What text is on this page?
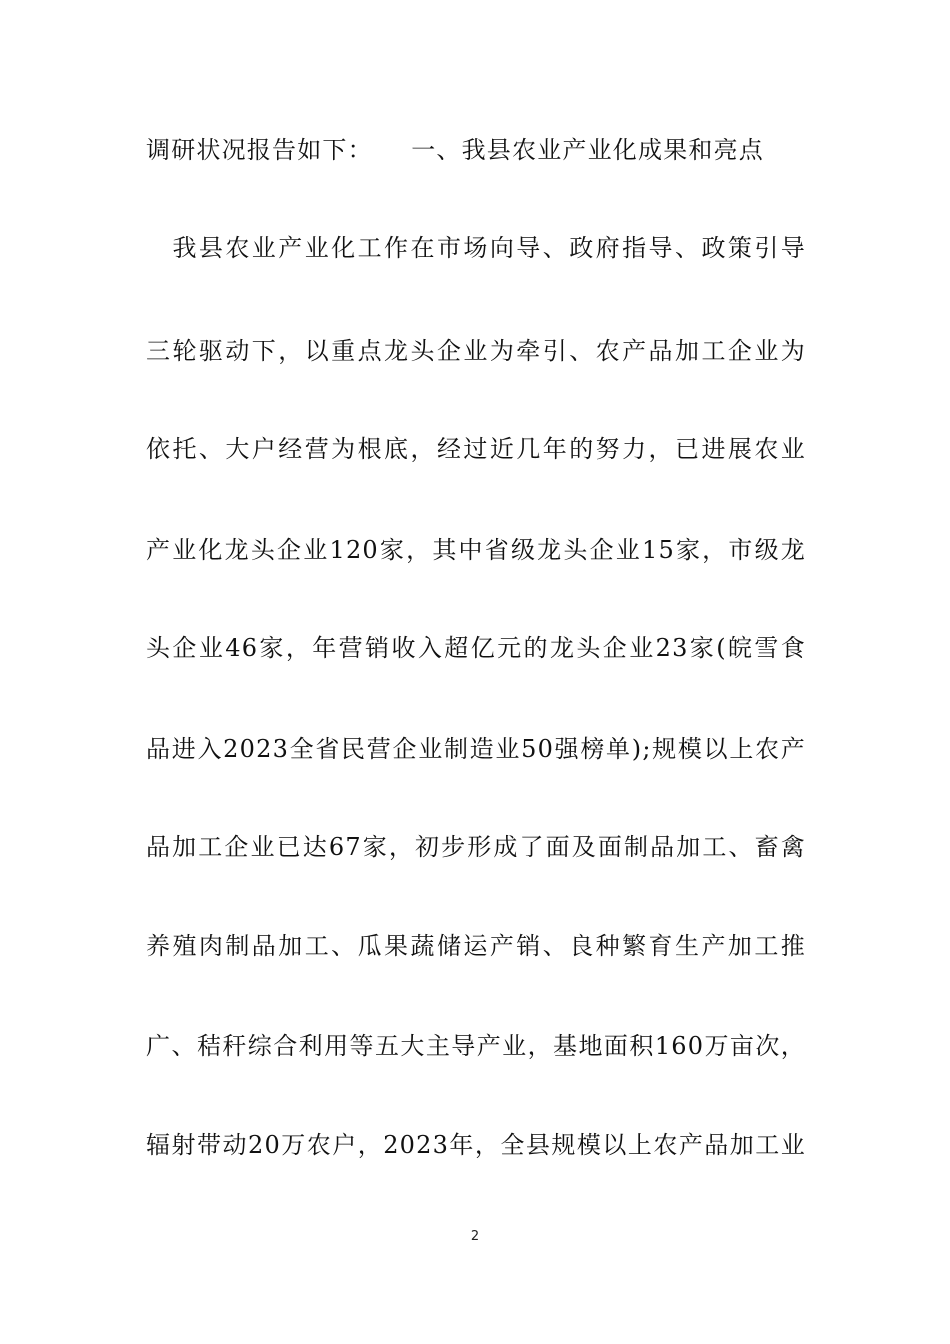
调研状况报告如下：　　一、我县农业产业化成果和亮点
　我县农业产业化工作在市场向导、政府指导、政策引导
三轮驱动下，以重点龙头企业为牵引、农产品加工企业为
依托、大户经营为根底，经过近几年的努力，已进展农业
产业化龙头企业120家，其中省级龙头企业15家，市级龙
头企业46家，年营销收入超亿元的龙头企业23家(皖雪食
品进入2023全省民营企业制造业50强榜单);规模以上农产
品加工企业已达67家，初步形成了面及面制品加工、畜禽
养殖肉制品加工、瓜果蔬储运产销、良种繁育生产加工推
广、秸秆综合利用等五大主导产业，基地面积160万亩次，
辐射带动20万农户，2023年，全县规模以上农产品加工业
2
